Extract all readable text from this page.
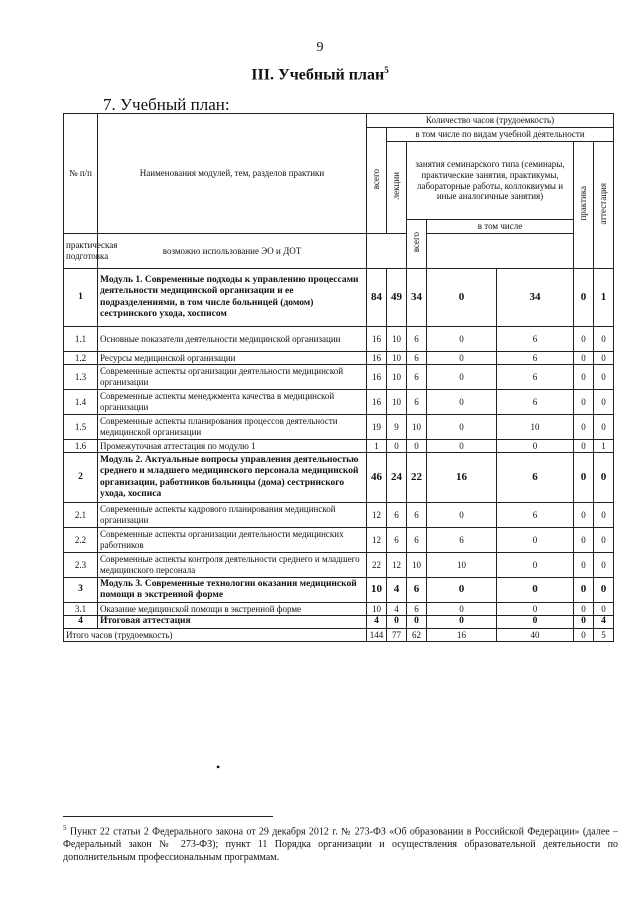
9
III. Учебный план$^5$
7. Учебный план:
№ п/п	Наименования модулей, тем, разделов практики	Количество часов (трудоемкость)						
		всего	в том числе по видам учебной деятельности					
			лекции	занятия семинарского типа (семинары, практические занятия, практикумы, лабораторные работы, коллоквиумы и иные аналогичные занятия)			практика	аттестация
				всего	в том числе			
практическая подготовка	возможно использование ЭО и ДОТ							
1	Модуль 1. Современные подходы к управлению процессами деятельности медицинской организации и ее подразделениями, в том числе больницей (домом) сестринского ухода, хосписом	84	49	34	0	34	0	1
1.1	Основные показатели деятельности медицинской организации	16	10	6	0	6	0	0
1.2	Ресурсы медицинской организации	16	10	6	0	6	0	0
1.3	Современные аспекты организации деятельности медицинской организации	16	10	6	0	6	0	0
1.4	Современные аспекты менеджмента качества в медицинской организации	16	10	6	0	6	0	0
1.5	Современные аспекты планирования процессов деятельности медицинской организации	19	9	10	0	10	0	0
1.6	Промежуточная аттестация по модулю 1	1	0	0	0	0	0	1
2	Модуль 2. Актуальные вопросы управления деятельностью среднего и младшего медицинского персонала медицинской организации, работников больницы (дома) сестринского ухода, хосписа	46	24	22	16	6	0	0
2.1	Современные аспекты кадрового планирования медицинской организации	12	6	6	0	6	0	0
2.2	Современные аспекты организации деятельности медицинских работников	12	6	6	6	0	0	0
2.3	Современные аспекты контроля деятельности среднего и младшего медицинского персонала	22	12	10	10	0	0	0
3	Модуль 3. Современные технологии оказания медицинской помощи в экстренной форме	10	4	6	0	0	0	0
3.1	Оказание медицинской помощи в экстренной форме	10	4	6	0	0	0	0
4	Итоговая аттестация	4	0	0	0	0	0	4
Итого часов (трудоемкость)		144	77	62	16	40	0	5
•
$^5$ Пункт 22 статьи 2 Федерального закона от 29 декабря 2012 г. № 273-ФЗ «Об образовании в Российской Федерации» (далее – Федеральный закон № 273-ФЗ); пункт 11 Порядка организации и осуществления образовательной деятельности по дополнительным профессиональным программам.
